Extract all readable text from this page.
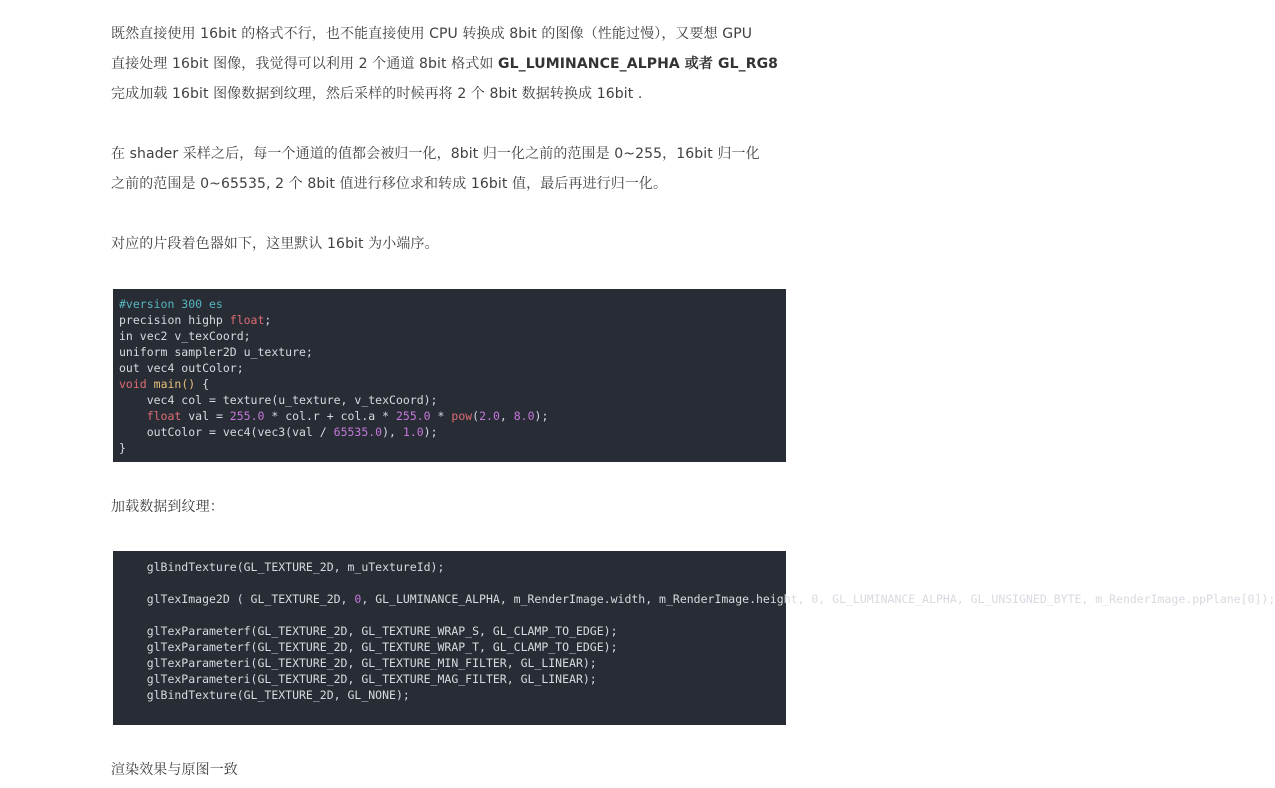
既然直接使用 16bit 的格式不行，也不能直接使用 CPU 转换成 8bit 的图像（性能过慢），又要想 GPU
直接处理 16bit 图像，我觉得可以利用 2 个通道 8bit 格式如 GL_LUMINANCE_ALPHA 或者 GL_RG8
完成加载 16bit 图像数据到纹理，然后采样的时候再将 2 个 8bit 数据转换成 16bit .
在 shader 采样之后，每一个通道的值都会被归一化，8bit 归一化之前的范围是 0~255，16bit 归一化
之前的范围是 0~65535, 2 个 8bit 值进行移位求和转成 16bit 值，最后再进行归一化。
对应的片段着色器如下，这里默认 16bit 为小端序。
加载数据到纹理：
渲染效果与原图一致
#version 300 es
precision highp float;
in vec2 v_texCoord;
uniform sampler2D u_texture;
out vec4 outColor;
void main() {
vec4 col = texture(u_texture, v_texCoord);
float val = 255.0 * col.r + col.a * 255.0 * pow(2.0, 8.0);
outColor = vec4(vec3(val / 65535.0), 1.0);
}
glBindTexture(GL_TEXTURE_2D, m_uTextureId);
glTexImage2D ( GL_TEXTURE_2D, 0, GL_LUMINANCE_ALPHA, m_RenderImage.width, m_RenderImage.height, 0, GL_LUMINANCE_ALPHA, GL_UNSIGNED_BYTE, m_RenderImage.ppPlane[0]);
glTexParameterf(GL_TEXTURE_2D, GL_TEXTURE_WRAP_S, GL_CLAMP_TO_EDGE);
glTexParameterf(GL_TEXTURE_2D, GL_TEXTURE_WRAP_T, GL_CLAMP_TO_EDGE);
glTexParameteri(GL_TEXTURE_2D, GL_TEXTURE_MIN_FILTER, GL_LINEAR);
glTexParameteri(GL_TEXTURE_2D, GL_TEXTURE_MAG_FILTER, GL_LINEAR);
glBindTexture(GL_TEXTURE_2D, GL_NONE);
